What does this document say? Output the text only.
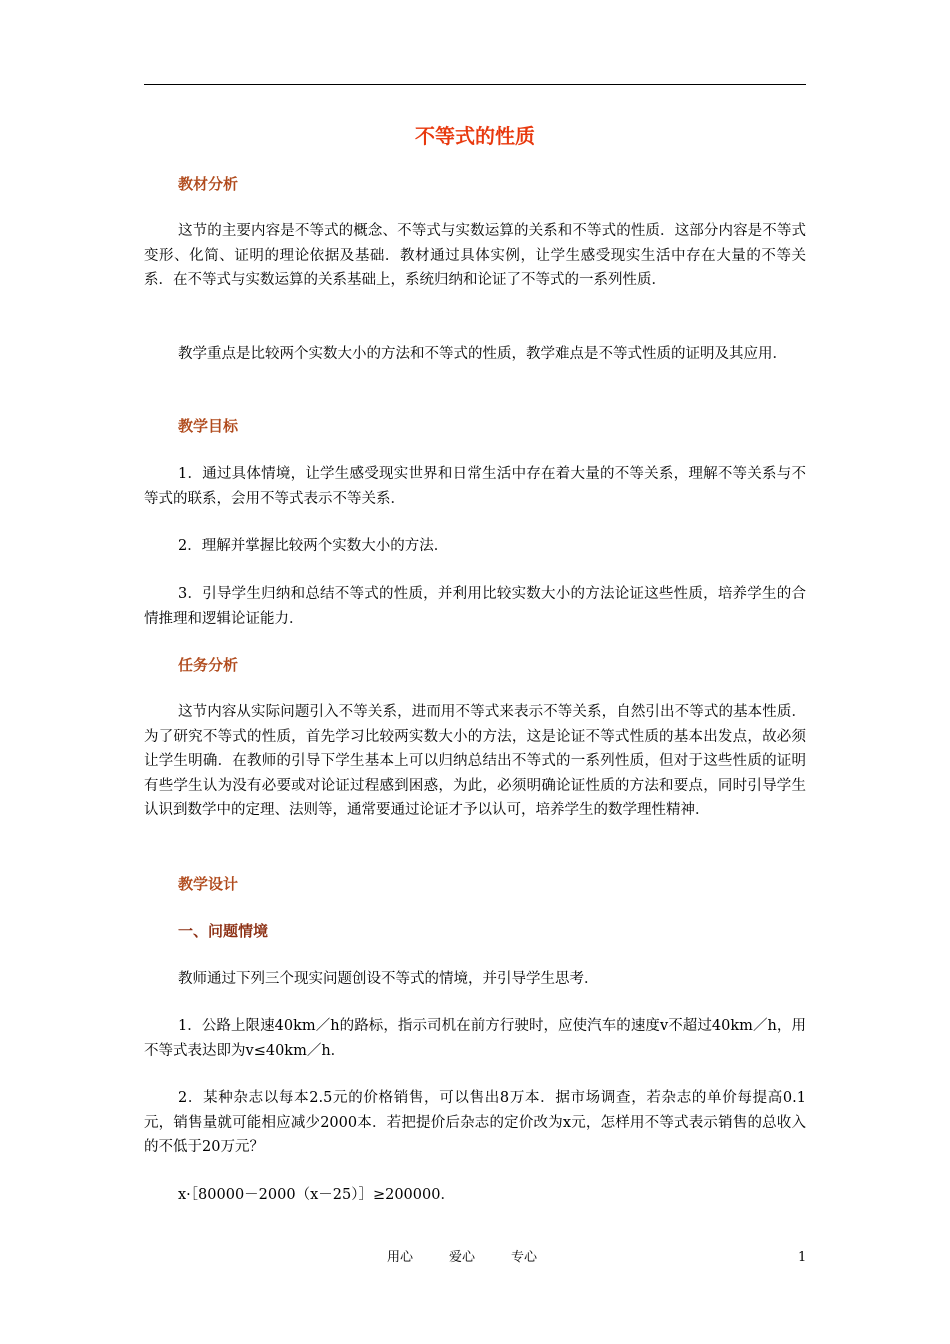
不等式的性质
教材分析

这节的主要内容是不等式的概念、不等式与实数运算的关系和不等式的性质．这部分内容是不等式变形、化简、证明的理论依据及基础．教材通过具体实例，让学生感受现实生活中存在大量的不等关系．在不等式与实数运算的关系基础上，系统归纳和论证了不等式的一系列性质．

教学重点是比较两个实数大小的方法和不等式的性质，教学难点是不等式性质的证明及其应用．

教学目标

1．通过具体情境，让学生感受现实世界和日常生活中存在着大量的不等关系，理解不等关系与不等式的联系，会用不等式表示不等关系．

2．理解并掌握比较两个实数大小的方法．

3．引导学生归纳和总结不等式的性质，并利用比较实数大小的方法论证这些性质，培养学生的合情推理和逻辑论证能力．

任务分析

这节内容从实际问题引入不等关系，进而用不等式来表示不等关系，自然引出不等式的基本性质．为了研究不等式的性质，首先学习比较两实数大小的方法，这是论证不等式性质的基本出发点，故必须让学生明确．在教师的引导下学生基本上可以归纳总结出不等式的一系列性质，但对于这些性质的证明有些学生认为没有必要或对论证过程感到困惑，为此，必须明确论证性质的方法和要点，同时引导学生认识到数学中的定理、法则等，通常要通过论证才予以认可，培养学生的数学理性精神．

教学设计
一、问题情境

教师通过下列三个现实问题创设不等式的情境，并引导学生思考．

1．公路上限速40km／h的路标，指示司机在前方行驶时，应使汽车的速度v不超过40km／h，用不等式表达即为v≤40km／h．

2．某种杂志以每本2.5元的价格销售，可以售出8万本．据市场调查，若杂志的单价每提高0.1元，销售量就可能相应减少2000本．若把提价后杂志的定价改为x元，怎样用不等式表示销售的总收入的不低于20万元？

x·［80000－2000（x－25）］≥200000．
用心	爱心	专心	1
